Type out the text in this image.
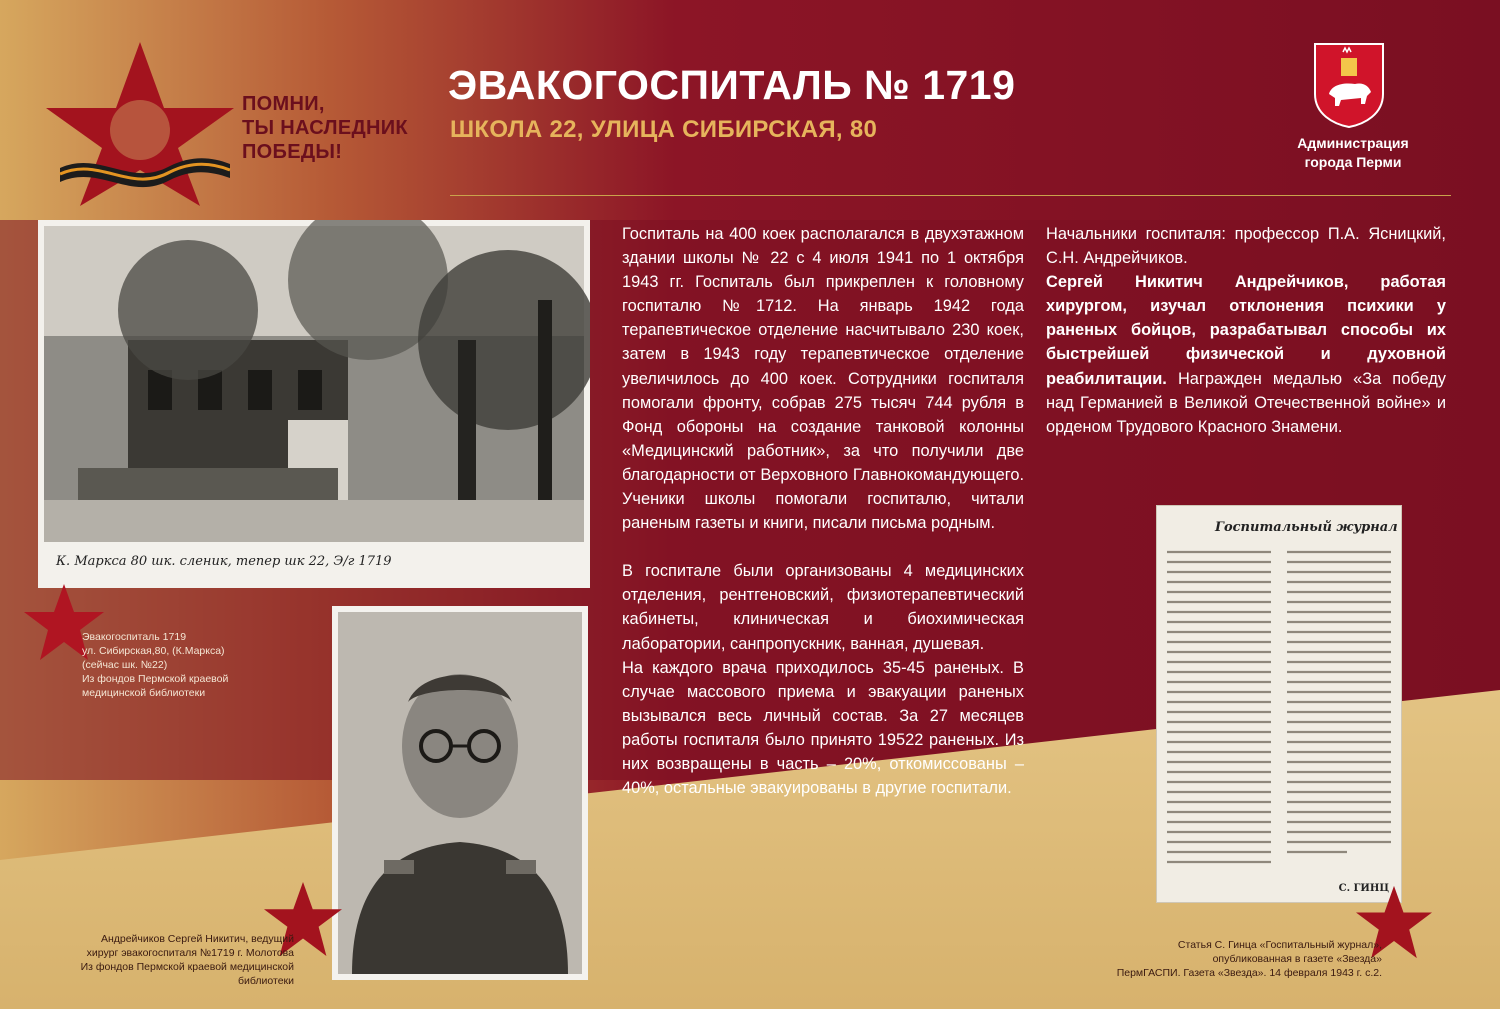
ПОМНИ,
ТЫ НАСЛЕДНИК
ПОБЕДЫ!
ЭВАКОГОСПИТАЛЬ № 1719
ШКОЛА 22, УЛИЦА СИБИРСКАЯ, 80	Администрация
города Перми
К. Маркса 80 шк. сленик, тепер шк 22, Э/г 1719
Эвакогоспиталь 1719
ул. Сибирская,80, (К.Маркса)
(сейчас шк. №22)
Из фондов Пермской краевой
медицинской библиотеки
Андрейчиков Сергей Никитич, ведущий
хирург эвакогоспиталя №1719 г. Молотова
Из фондов Пермской краевой медицинской библиотеки
Госпитальный журнал
С. ГИНЦ
Статья С. Гинца «Госпитальный журнал»,
опубликованная в газете «Звезда»
ПермГАСПИ. Газета «Звезда». 14 февраля 1943 г. с.2.

Госпиталь на 400 коек располагался в двухэтажном здании школы № 22 с 4 июля 1941 по 1 октября 1943 гг. Госпиталь был прикреплен к головному госпиталю №1712. На январь 1942 года терапевтическое отделение насчитывало 230 коек, затем в 1943 году терапевтическое отделение увеличилось до 400 коек. Сотрудники госпиталя помогали фронту, собрав 275 тысяч 744 рубля в Фонд обороны на создание танковой колонны «Медицинский работник», за что получили две благодарности от Верховного Главнокомандующего. Ученики школы помогали госпиталю, читали раненым газеты и книги, писали письма родным.

В госпитале были организованы 4 медицинских отделения, рентгеновский, физиотерапевтический кабинеты, клиническая и биохимическая лаборатории, санпропускник, ванная, душевая.

На каждого врача приходилось 35-45 раненых. В случае массового приема и эвакуации раненых вызывался весь личный состав. За 27 месяцев работы госпиталя было принято 19522 раненых. Из них возвращены в часть – 20%, откомиссованы – 40%, остальные эвакуированы в другие госпитали.

Начальники госпиталя: профессор П.А. Ясницкий, С.Н. Андрейчиков.

Сергей Никитич Андрейчиков, работая хирургом, изучал отклонения психики у раненых бойцов, разрабатывал способы их быстрейшей физической и духовной реабилитации. Награжден медалью «За победу над Германией в Великой Отечественной войне» и орденом Трудового Красного Знамени.
